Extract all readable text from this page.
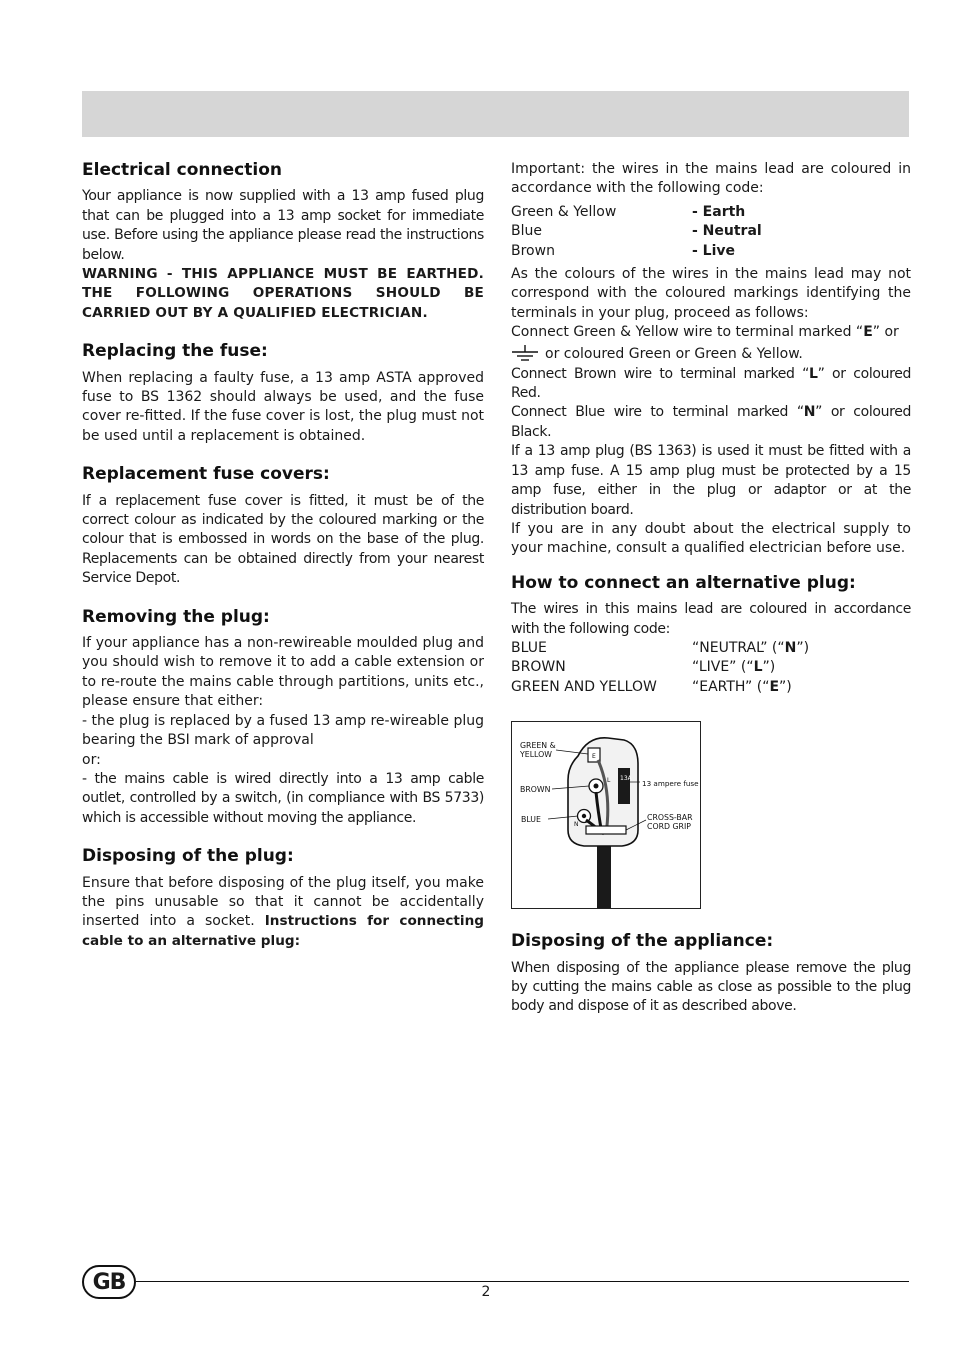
Electrical connection

Your appliance is now supplied with a 13 amp fused plug that can be plugged into a 13 amp socket for immediate use. Before using the appliance please read the instructions below.

WARNING - THIS APPLIANCE MUST BE EARTHED. THE FOLLOWING OPERATIONS SHOULD BE CARRIED OUT BY A QUALIFIED ELECTRICIAN.

Replacing the fuse:

When replacing a faulty fuse, a 13 amp ASTA approved fuse to BS 1362 should always be used, and the fuse cover re-fitted. If the fuse cover is lost, the plug must not be used until a replacement is obtained.

Replacement fuse covers:

If a replacement fuse cover is fitted, it must be of the correct colour as indicated by the coloured marking or the colour that is embossed in words on the base of the plug. Replacements can be obtained directly from your nearest Service Depot.

Removing the plug:

If your appliance has a non-rewireable moulded plug and you should wish to remove it to add a cable extension or to re-route the mains cable through partitions, units etc., please ensure that either:

- the plug is replaced by a fused 13 amp re-wireable plug bearing the BSI mark of approval

or:

- the mains cable is wired directly into a 13 amp cable outlet, controlled by a switch, (in compliance with BS 5733) which is accessible without moving the appliance.

Disposing of the plug:

Ensure that before disposing of the plug itself, you make the pins unusable so that it cannot be accidentally inserted into a socket. Instructions for connecting cable to an alternative plug:

Important: the wires in the mains lead are coloured in accordance with the following code:

Green & Yellow	- Earth
Blue	- Neutral
Brown	- Live

As the colours of the wires in the mains lead may not correspond with the coloured markings identifying the terminals in your plug, proceed as follows:

Connect Green & Yellow wire to terminal marked “E” or

or coloured Green or Green & Yellow.

Connect Brown wire to terminal marked “L” or coloured Red.

Connect Blue wire to terminal marked “N” or coloured Black.

If a 13 amp plug (BS 1363) is used it must be fitted with a 13 amp fuse. A 15 amp plug must be protected by a 15 amp fuse, either in the plug or adaptor or at the distribution board.

If you are in any doubt about the electrical supply to your machine, consult a qualified electrician before use.

How to connect an alternative plug:

The wires in this mains lead are coloured in accordance with the following code:

BLUE	“NEUTRAL” (“N”)
BROWN	“LIVE” (“L”)
GREEN AND YELLOW	“EARTH” (“E”)
E
L
N
13A
GREEN &
YELLOW
BROWN
BLUE
13 ampere fuse
CROSS-BAR
CORD GRIP
Disposing of the appliance:

When disposing of the appliance please remove the plug by cutting the mains cable as close as possible to the plug body and dispose of it as described above.

GB	2
